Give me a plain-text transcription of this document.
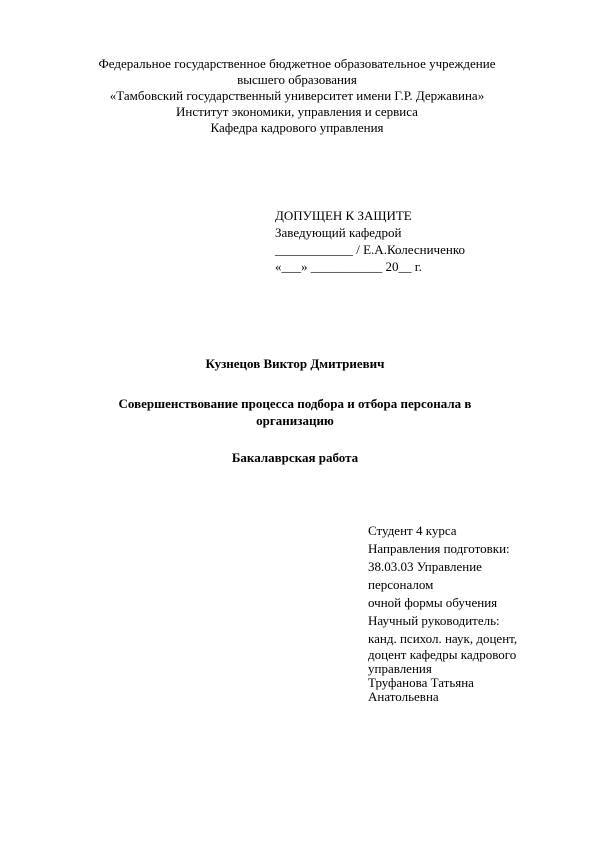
Федеральное государственное бюджетное образовательное учреждение
высшего образования
«Тамбовский государственный университет имени Г.Р. Державина»
Институт экономики, управления и сервиса
Кафедра кадрового управления
ДОПУЩЕН К ЗАЩИТЕ
Заведующий кафедрой
____________ / Е.А.Колесниченко
«___» ___________ 20__ г.
Кузнецов Виктор Дмитриевич
Совершенствование процесса подбора и отбора персонала в
организацию
Бакалаврская работа
Студент 4 курса
Направления подготовки:
38.03.03 Управление
персоналом
очной формы обучения
Научный руководитель:
канд. психол. наук, доцент,
доцент кафедры кадрового
управления
Труфанова Татьяна
Анатольевна
